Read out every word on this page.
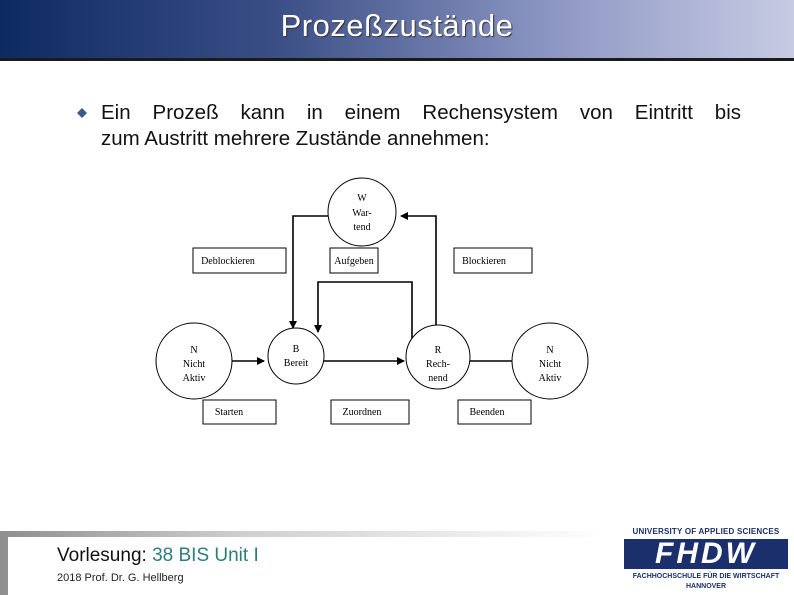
Prozeßzustände
Ein Prozeß kann in einem Rechensystem von Eintritt bis
zum Austritt mehrere Zustände annehmen:
W
War-
tend
N
Nicht
Aktiv
B
Bereit
R
Rech-
nend
N
Nicht
Aktiv
Deblockieren	Aufgeben	Blockieren
Starten	Zuordnen	Beenden
Vorlesung: 38 BIS Unit I
2018 Prof. Dr. G. Hellberg
UNIVERSITY OF APPLIED SCIENCES
FHDW
FACHHOCHSCHULE FÜR DIE WIRTSCHAFT
HANNOVER
